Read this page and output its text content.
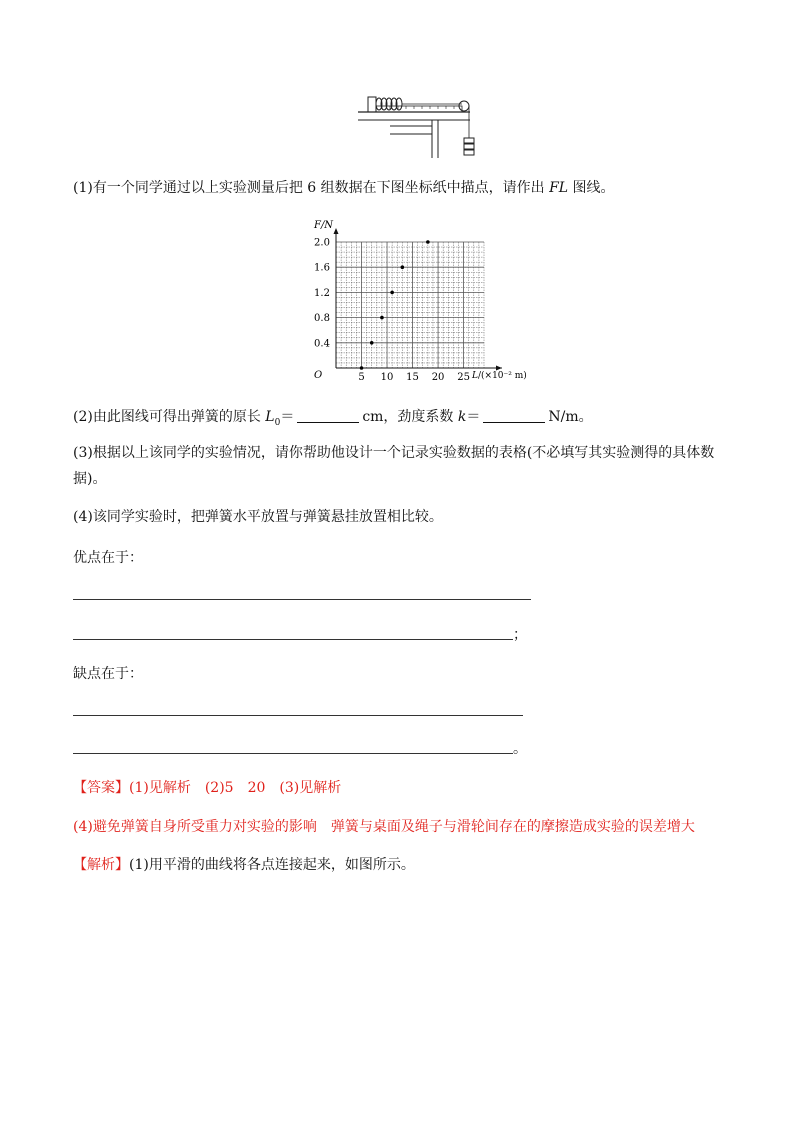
(1)有一个同学通过以上实验测量后把 6 组数据在下图坐标纸中描点，请作出 FL 图线。
F/N
O	L/(×10⁻² m)
0.4
0.8
1.2
1.6
2.0
5 10 15 20 25
(2)由此图线可得出弹簧的原长 $L_0=$	cm，劲度系数 k＝	N/m。
(3)根据以上该同学的实验情况，请你帮助他设计一个记录实验数据的表格(不必填写其实验测得的具体数
据)。
(4)该同学实验时，把弹簧水平放置与弹簧悬挂放置相比较。
优点在于：
；
缺点在于：
。
【答案】(1)见解析　(2)5　20　(3)见解析
(4)避免弹簧自身所受重力对实验的影响　弹簧与桌面及绳子与滑轮间存在的摩擦造成实验的误差增大
【解析】(1)用平滑的曲线将各点连接起来，如图所示。
